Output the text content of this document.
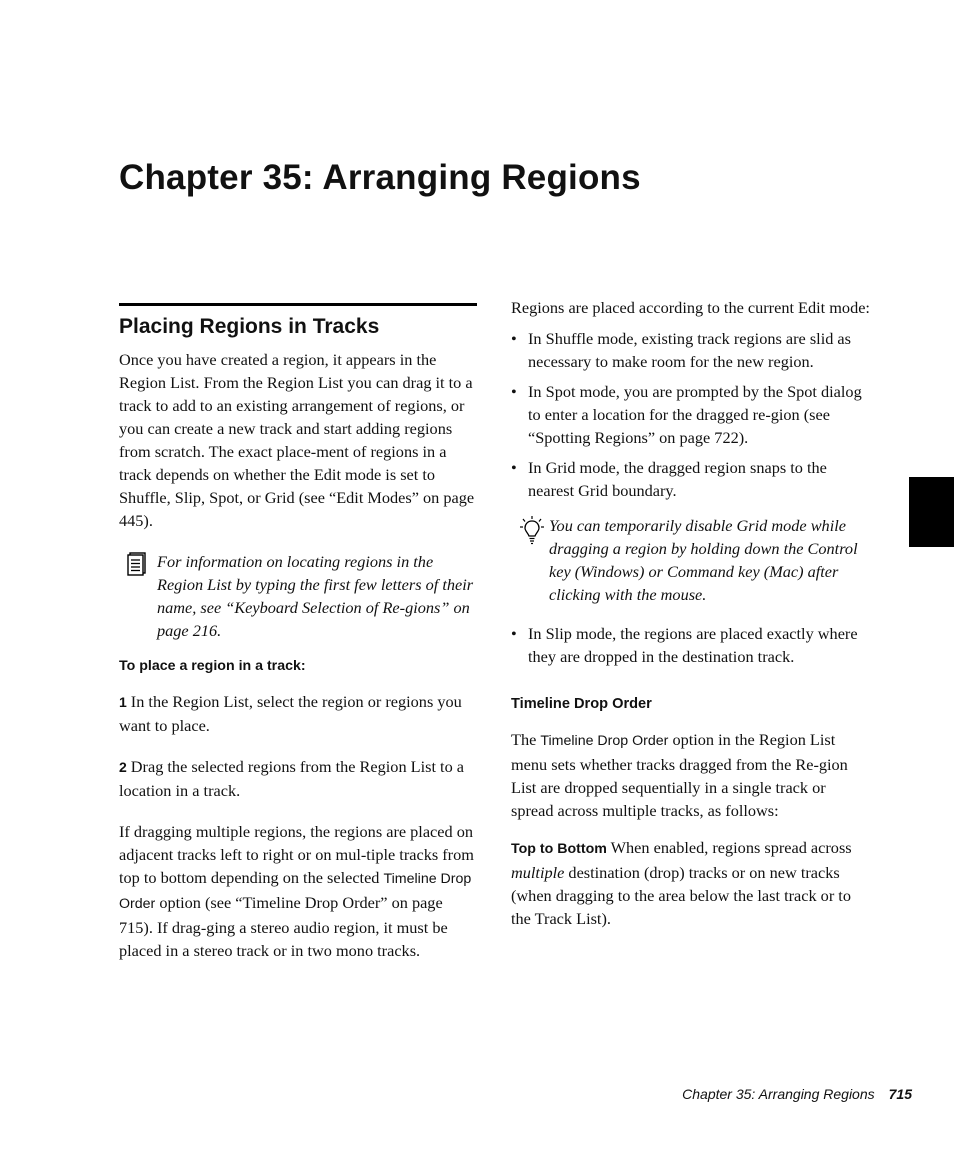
Chapter 35: Arranging Regions
Placing Regions in Tracks

Once you have created a region, it appears in the Region List. From the Region List you can drag it to a track to add to an existing arrangement of regions, or you can create a new track and start adding regions from scratch. The exact place-ment of regions in a track depends on whether the Edit mode is set to Shuffle, Slip, Spot, or Grid (see “Edit Modes” on page 445).

For information on locating regions in the Region List by typing the first few letters of their name, see “Keyboard Selection of Re-gions” on page 216.
To place a region in a track:

1 In the Region List, select the region or regions you want to place.

2 Drag the selected regions from the Region List to a location in a track.

If dragging multiple regions, the regions are placed on adjacent tracks left to right or on mul-tiple tracks from top to bottom depending on the selected Timeline Drop Order option (see “Timeline Drop Order” on page 715). If drag-ging a stereo audio region, it must be placed in a stereo track or in two mono tracks.

Regions are placed according to the current Edit mode:

• In Shuffle mode, existing track regions are slid as necessary to make room for the new region.
• In Spot mode, you are prompted by the Spot dialog to enter a location for the dragged re-gion (see “Spotting Regions” on page 722).
• In Grid mode, the dragged region snaps to the nearest Grid boundary.
You can temporarily disable Grid mode while dragging a region by holding down the Control key (Windows) or Command key (Mac) after clicking with the mouse.
• In Slip mode, the regions are placed exactly where they are dropped in the destination track.
Timeline Drop Order

The Timeline Drop Order option in the Region List menu sets whether tracks dragged from the Re-gion List are dropped sequentially in a single track or spread across multiple tracks, as follows:

Top to Bottom When enabled, regions spread across multiple destination (drop) tracks or on new tracks (when dragging to the area below the last track or to the Track List).

Chapter 35: Arranging Regions 715
